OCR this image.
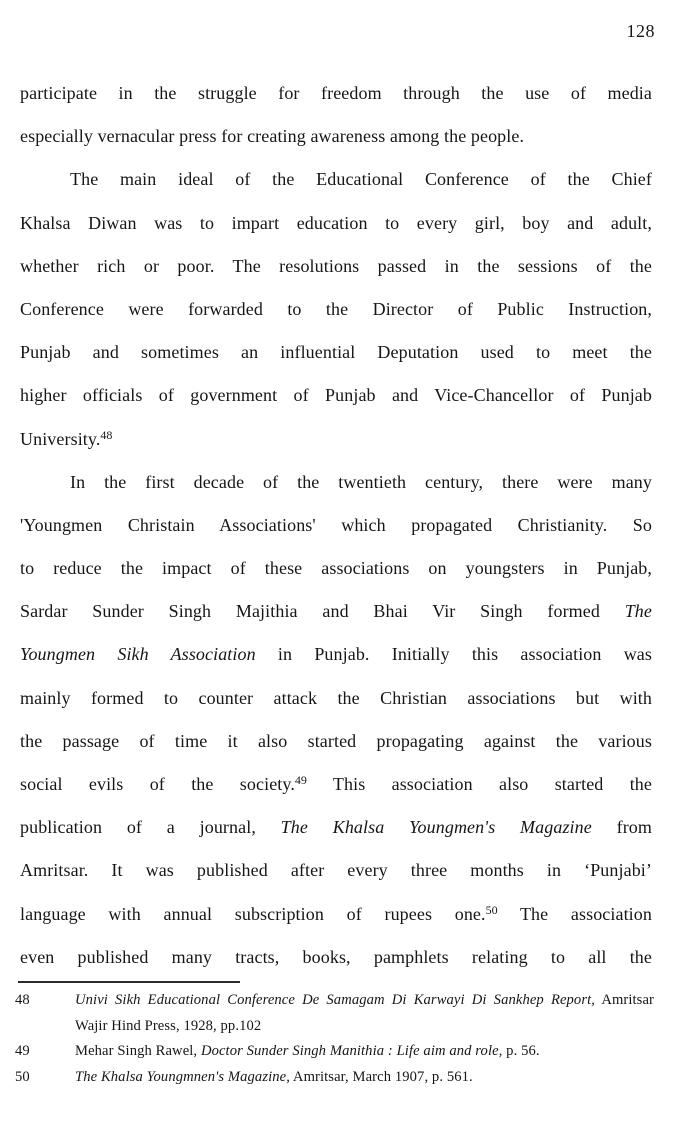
128
participate in the struggle for freedom through the use of media
especially vernacular press for creating awareness among the people.
The main ideal of the Educational Conference of the Chief
Khalsa Diwan was to impart education to every girl, boy and adult,
whether rich or poor. The resolutions passed in the sessions of the
Conference were forwarded to the Director of Public Instruction,
Punjab and sometimes an influential Deputation used to meet the
higher officials of government of Punjab and Vice-Chancellor of Punjab
University.$^{48}$
In the first decade of the twentieth century, there were many
'Youngmen Christain Associations' which propagated Christianity. So
to reduce the impact of these associations on youngsters in Punjab,
Sardar Sunder Singh Majithia and Bhai Vir Singh formed The
Youngmen Sikh Association in Punjab. Initially this association was
mainly formed to counter attack the Christian associations but with
the passage of time it also started propagating against the various
social evils of the society.$^{49}$ This association also started the
publication of a journal, The Khalsa Youngmen's Magazine from
Amritsar. It was published after every three months in ‘Punjabi’
language with annual subscription of rupees one.$^{50}$ The association
even published many tracts, books, pamphlets relating to all the
48	Univi Sikh Educational Conference De Samagam Di Karwayi Di Sankhep Report, Amritsar
Wajir Hind Press, 1928, pp.102
49	Mehar Singh Rawel, Doctor Sunder Singh Manithia : Life aim and role, p. 56.
50	The Khalsa Youngmnen's Magazine, Amritsar, March 1907, p. 561.
